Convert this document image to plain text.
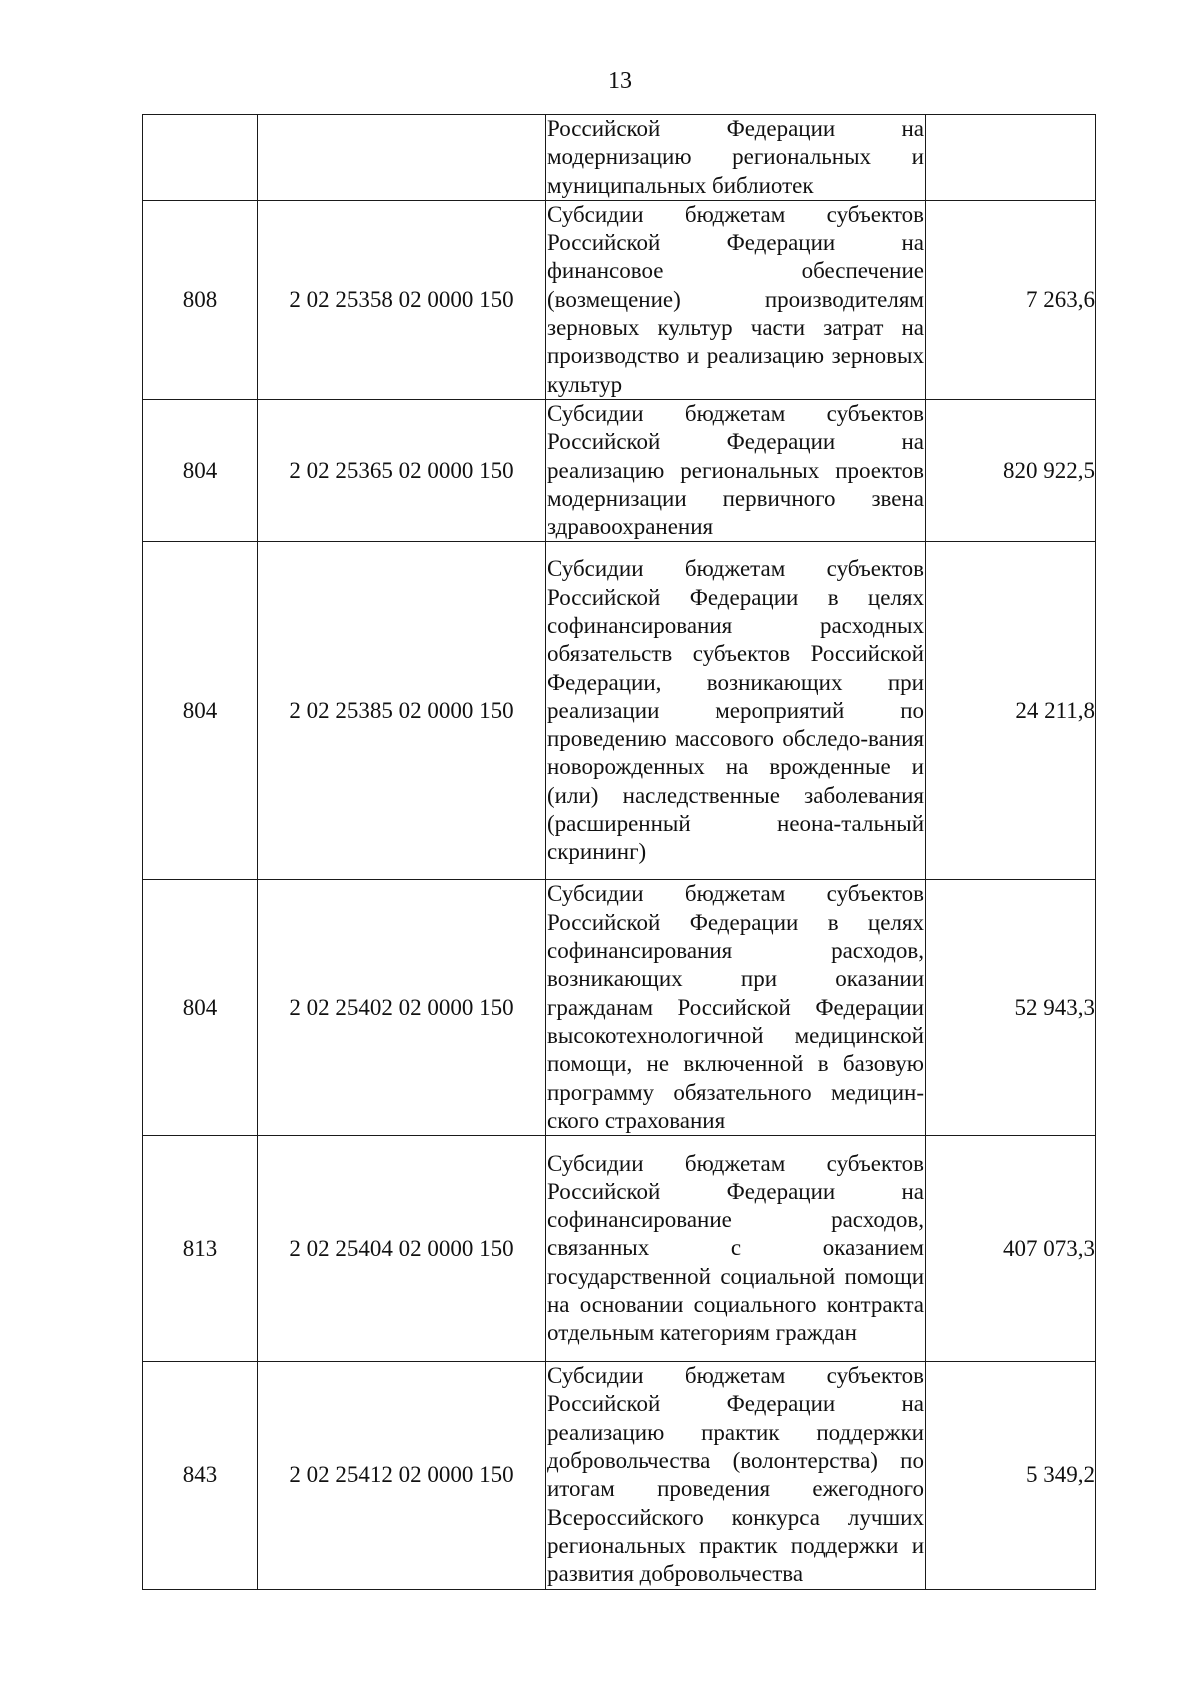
13

		Российской Федерации на модернизацию региональных и муниципальных библиотек	

808	2 02 25358 02 0000 150	Субсидии бюджетам субъектов Российской Федерации на финансовое обеспечение (возмещение) производителям зерновых культур части затрат на производство и реализацию зерновых культур	7 263,6
804	2 02 25365 02 0000 150	Субсидии бюджетам субъектов Российской Федерации на реализацию региональных проектов модернизации первичного звена здравоохранения	820 922,5
804	2 02 25385 02 0000 150	Субсидии бюджетам субъектов Российской Федерации в целях софинансирования расходных обязательств субъектов Российской Федерации, возникающих при реализации мероприятий по проведению массового обследо-вания новорожденных на врожденные и (или) наследственные заболевания (расширенный неона-тальный скрининг)	24 211,8
804	2 02 25402 02 0000 150	Субсидии бюджетам субъектов Российской Федерации в целях софинансирования расходов, возникающих при оказании гражданам Российской Федерации высокотехнологичной медицинской помощи, не включенной в базовую программу обязательного медицин-ского страхования	52 943,3
813	2 02 25404 02 0000 150	Субсидии бюджетам субъектов Российской Федерации на софинансирование расходов, связанных с оказанием государственной социальной помощи на основании социального контракта отдельным категориям граждан	407 073,3
843	2 02 25412 02 0000 150	Субсидии бюджетам субъектов Российской Федерации на реализацию практик поддержки добровольчества (волонтерства) по итогам проведения ежегодного Всероссийского конкурса лучших региональных практик поддержки и развития добровольчества	5 349,2
